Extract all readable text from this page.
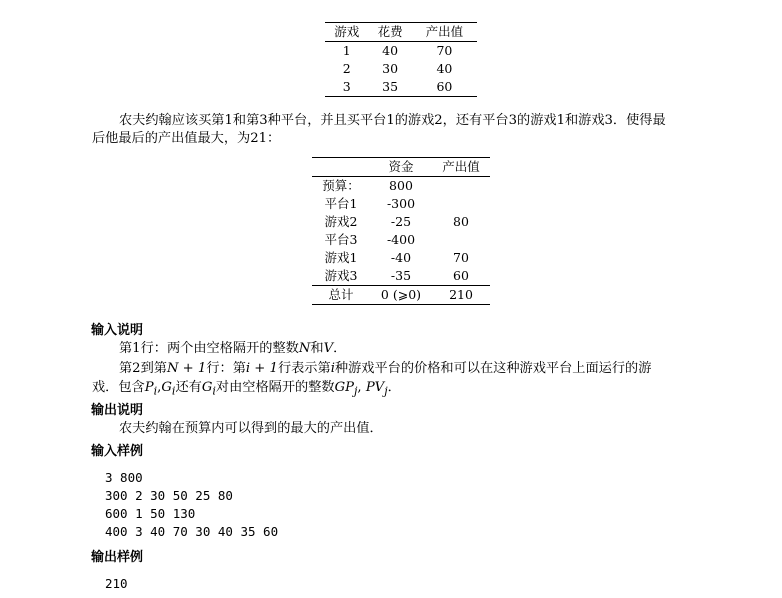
游戏	花费	产出值
1	40	70
2	30	40
3	35	60
农夫约翰应该买第1和第3种平台，并且买平台1的游戏2，还有平台3的游戏1和游戏3．使得最
后他最后的产出值最大，为21：
	资金	产出值
预算：	800	
平台1	-300	
游戏2	-25	80
平台3	-400	
游戏1	-40	70
游戏3	-35	60
总计	0 (⩾0)	210
输入说明
第1行：两个由空格隔开的整数N和V．
第2到第N + 1行：第i + 1行表示第i种游戏平台的价格和可以在这种游戏平台上面运行的游
戏．包含$P_i,G_i$还有$G_i$对由空格隔开的整数$GP_j$, $PV_j$．
输出说明
农夫约翰在预算内可以得到的最大的产出值．
输入样例
3 800
300 2 30 50 25 80
600 1 50 130
400 3 40 70 30 40 35 60
输出样例
210
